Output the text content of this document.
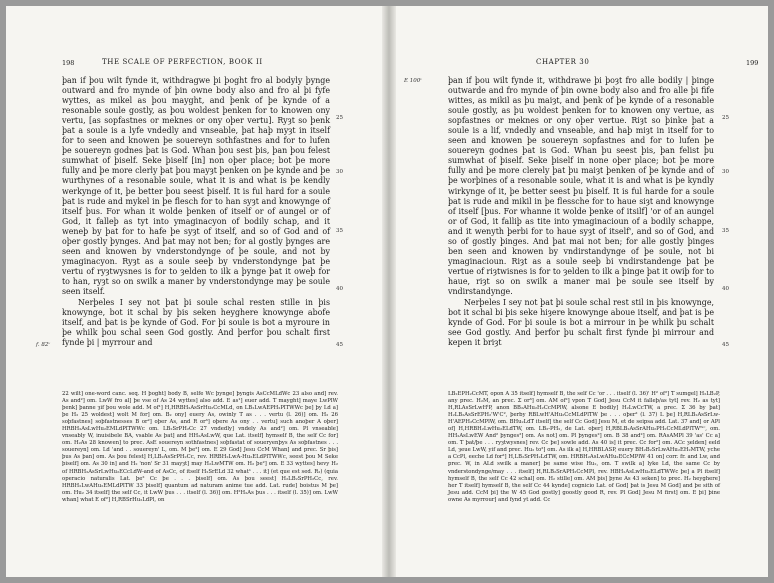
198	THE SCALE OF PERFECTION, BOOK II

þan if þou wilt fynde it, withdragwe þi þoght fro al bodyly þynge outward and fro mynde of þin owne body also and fro al þi fyfe wyttes, as mikel as þou mayght, and þenk of þe kynde of a resonable soule gostly, as þou woldest þenken for to knowen ony vertu, [as sopfastnes or meknes or ony oþer vertu]. Ryȝt so þenk þat a soule is a lyfe vndedly and vnseable, þat haþ myȝt in itself for to seen and knowen þe souereyn sothfastnes and for to lufen þe souereyn godnes þat is God. Whan þou sest þis, þan þou felest sumwhat of þiself. Seke þiself [in] non oþer place; bot þe more fully and þe more clerly þat þou mayȝt þenken on þe kynde and þe wurthynes of a resonable soule, what it is and what is þe kendly werkynge of it, þe better þou seest þiself. It is ful hard for a soule þat is rude and mykel in þe flesch for to han syȝt and knowynge of itself þus. For whan it wolde þenken of itself or of aungel or of God, it falleþ as tyt into ymaginacyon of bodily schap, and it weneþ by þat for to hafe þe syȝt of itself, and so of God and of oþer gostly þynges. And þat may not ben; for al gostly þynges are seen and knowen by vnderstondynge of þe soule, and not by ymaginacyon. Ryȝt as a soule seeþ by vnderstondynge þat þe vertu of ryȝtwysnes is for to ȝelden to ilk a þynge þat it oweþ for to han, ryȝt so on swilk a maner by vnderstondynge may þe soule seen itself.

Nerþeles I sey not þat þi soule schal resten stille in þis knowynge, bot it schal by þis seken heyghere knowynge abofe itself, and þat is þe kynde of God. For þi soule is bot a myroure in þe whilk þou schal seen God gostly. And þerfor þou schalt first fynde þi | myrrour and

25
30
35
40
45
f. 82ᵛ
22 wilt] one-word canc. seq. H þoght] body B, selfe Wc þynge] þyngis AsCcMLdWc 23 also and] rev. As and²] om. LwW fro al] þe vse of As 24 wyttes] also add. E as¹] euer add. T mayght] maye LwPlW þenk] þanne ȝif þou wole add. M of¹] H,HRBH₂AsSrHu₂CcMLd, on LB₂LwAEPH₂PlTWWc þe] þy Ld a] þe H₂ 25 woldest] wolt M for] om. B₂ ony] euery As, owinly T as . . . vertu (l. 26)] om. H₂ 26 soþfastnes] soþfastnesses B or²] oþer As, and R or³] oþere As ony . . vertu] such anoþer A oþer] HRBH₂AsLwHu₂EMLdPlTWWc om. LB₂SrPH₂Cc 27 vndedly] vndely As and²] om. Pl vnseable] vnseably W, inuisibele BA, vsable As þat] and HH₂AsLwW, que Lat. itself] hymself B, the self Cc for] om. H₂As 28 knowen] to prec. AsE souereyn sothfastnes] soþfastat of soueryenþys As soþfastnes . . . souereyn] om. Ld 'and . . souereyn' L, om. M þe²] om. E 29 God] Jesu CcM Whan] and prec. Sr þis] þus As þan] om. As þou felest] H,LB₂AsSrPH₂Cc, rev. HRBH₂LwA-Hu₂ELdPlTWWc, seest þou M Seke þiself] om. As 30 in] and H₂ 'non' Sr 31 mayȝt] may H₂LwMTW om. H₂ þe²] om. E 33 wyttes] hevy H₂ of HRBH₂AsSrLwHu₂ECcLdW-and of AsCc, of itself H₂SrELd 32 what¹ . . . it] (et que est sed. R₂) (quia operacio naturalis Lat. þe² Cc þe . . . þiself] om. As þou seest] H₂LB₂SrPH₂Cc, rev. HRBH₂LwAHu₂EMLdPlTW 33 þiself] quantum ad naturam anime tue add. Lat. rude] boistus M þe] om. Hu₂ 34 itself] the self Cc, it LwW þus . . . itself (l. 36)] om. H²H₂As þus . . . itself (l. 35)] om. LwW whan] what E of²] H,RBSrHu₂LdPl, on
CHAPTER 30	199
E 100ᵛ	þan if þou wilt fynde it, withdrawe þi þoȝt fro alle bodily | þinge outwarde and fro mynde of þin owne body also and fro alle þi fife wittes, as mikil as þu maiȝt, and þenk of þe kynde of a resonable soule gostly, as þu woldest þenken for to knowen ony vertue, as sopfastnes or meknes or ony oþer vertue. Riȝt so þinke þat a soule is a lif, vndedly and vnseable, and haþ miȝt in itself for to seen and knowen þe souereyn sopfastnes and for to lufen þe souereyn godnes þat is God. Whan þu seest þis, þan felist þu sumwhat of þiself. Seke þiself in none oþer place; bot þe more fully and þe more clerely þat þu maiȝt þenken of þe kynde and of þe worþines of a resonable soule, what it is and what is þe kyndly wirkynge of it, þe better seest þu þiself. It is ful harde for a soule þat is rude and mikil in þe flessche for to haue siȝt and knowynge of itself [þus. For whanne it wolde þenke of itsilf] 'or of an aungel or of God, it falliþ as tite into ymaginacioun of a bodily schappe, and it wenyth þerbi for to haue syȝt of itself', and so of God, and so of gostly þinges. And þat mai not ben; for alle gostly þinges ben seen and knowen by vndirstandynge of þe soule, not bi ymaginacioun. Riȝt as a soule seeþ bi vndirstandenge þat þe vertue of riȝtwisnes is for to ȝelden to ilk a þinge þat it owiþ for to haue, riȝt so on swilk a maner mai þe soule see itself by vndirstandynge.

Nerþeles I sey not þat þi soule schal rest stil in þis knowynge, bot it schal bi þis seke hiȝere knowynge aboue itself, and þat is þe kynde of God. For þi soule is bot a mirrour in þe whilk þu schalt see God gostly. And þerfor þu schalt first fynde þi mirrour and kepen it briȝt

25
30
35
40
45
LB₂EPH₂CcMT, opon A 35 itself] hymself B, the self Cc 'or . . . itself (l. 36)' H² of²] T sumgel] H₂LB₂P, any prec. H₂M, an prec. Σ or³] om. AM of²] vpon T God] Jesu CcM it falleþ/as tyt] rev. H₂ as tyt] H,RLAsSrLwHᵗP, anon BB₂AHu₂H₂CcMPlW, alsone E bodily] H₂LwCcTW, a prec. Σ 36 by þat] H₂LB₂AsSrEPH₂'W'C², þerby RBLwH'AHu₂CcMLdPlTW þe . . . oþer² (l. 37) L þe] H,RLB₂AsSrLw-H'AEPH₂CcMPlW, om. BHu₂LdT itself] the self Cc God] Jesu M, et de seipsa add. Lat. 37 and] or APl of] H,HRBH₂LwHu₂ELdTW, om. LB₂-PH₂, de Lat. oþer] H,RBLB₂AsSrAHu₂PH₂CcMLdPlTWᵂᶜ, om. HH₂AsLwEW And² þynges²] om. As not] om. Pl þynges²] om. B 38 and²] om. RAsAMPl 39 'as' Cc a] om. T þat/þe . . . ryȝtwysnes] rev. Cc þe] sowle add. As 40 is] it prec. Cc for²] om. ACc ȝelden] eeld Ld, ȝeue LwW, yif and prec. Hu₂ to²] om. As ilk a] H,HRBLASP, euery BH₂B₂SrLwAHu₂EH₂MTW, yche a CcPl, eeche Ld for²] H,LB₂SrPH₂LdTW, om. HRBH₂AsLwAHu₂ECcMPlW 41 on] corr. fr. and Lw, and prec. W, in ALd swilk a maner] þe same wise Hu₂, om. T swilk a] lyke Ld, the same Cc by vnderstondynge/may . . . itself] H,RLB₂SrAPH₂CcMPl, rev. HBH₂AsLwHu₂ELdTWWc þe] a Pl itself] hymself B, the self Cc 42 schal] om. H₂ stille] om. AM þis] þyne As 43 seken] to prec. H₂ heyghere] her T itself] hymself B, the self Cc 44 kynde] cognicio Lat. of God] þat is Jesu M God] and þe sith of Jesu add. CcM þi] the W 45 God gostly] goostly good R, rev. Pl God] Jesu M first] om. E þi] þine owne As myrrour] and fynd yt add. Cc
